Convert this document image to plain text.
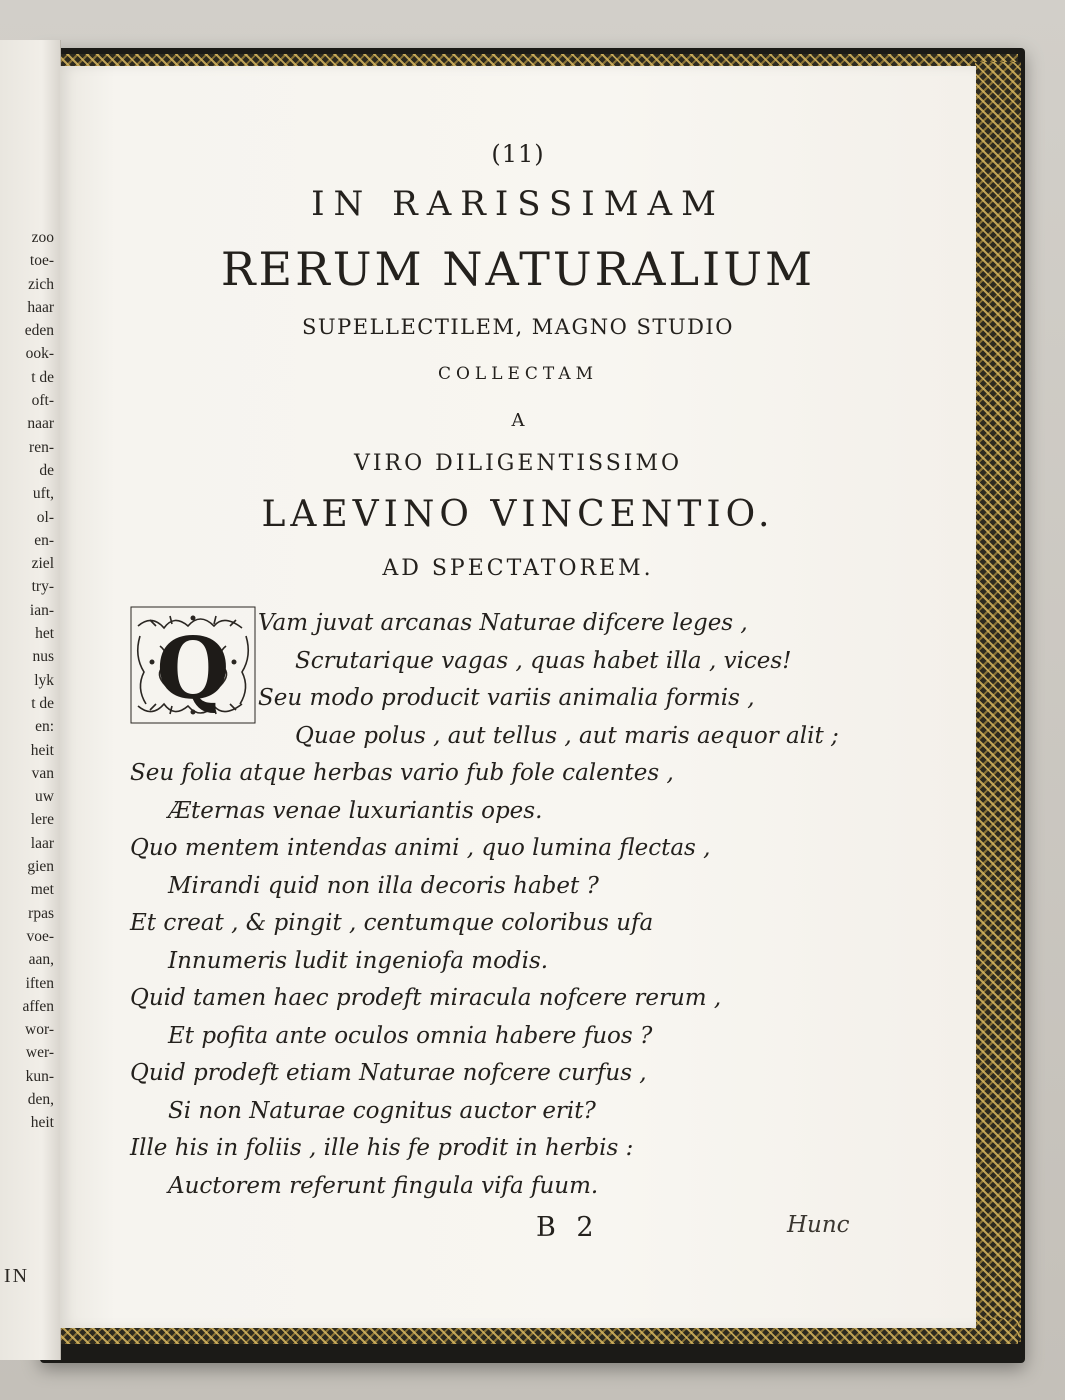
zoo
toe-
zich
haar
eden
ook-
t de
oft-
naar
ren-
de
uft,
ol-
en-
ziel
try-
ian-
het
nus
lyk
t de
en:
heit
van
uw
lere
laar
gien
met
rpas
voe-
aan,
iften
affen
wor-
wer-
kun-
den,
heit
IN
(11)
IN RARISSIMAM
RERUM NATURALIUM
SUPELLECTILEM, MAGNO STUDIO
COLLECTAM
A
VIRO DILIGENTISSIMO
LAEVINO VINCENTIO.
AD SPECTATOREM.
Q Vam juvat arcanas Naturae difcere leges ,
Scrutarique vagas , quas habet illa , vices!
Seu modo producit variis animalia formis ,
Quae polus , aut tellus , aut maris aequor alit ;
Seu folia atque herbas vario fub fole calentes ,
Æternas venae luxuriantis opes.
Quo mentem intendas animi , quo lumina flectas ,
Mirandi quid non illa decoris habet ?
Et creat , & pingit , centumque coloribus ufa
Innumeris ludit ingeniofa modis.
Quid tamen haec prodeft miracula nofcere rerum ,
Et pofita ante oculos omnia habere fuos ?
Quid prodeft etiam Naturae nofcere curfus ,
Si non Naturae cognitus auctor erit?
Ille his in foliis , ille his fe prodit in herbis :
Auctorem referunt fingula vifa fuum.
B 2	Hunc
